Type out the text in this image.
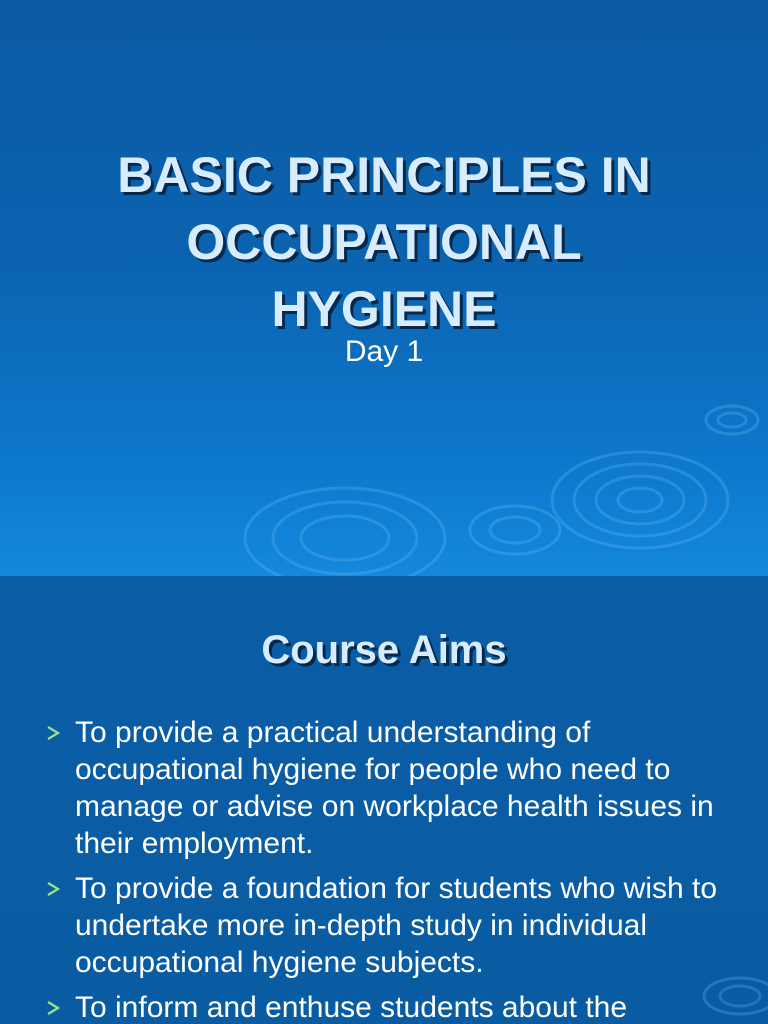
BASIC PRINCIPLES IN
OCCUPATIONAL
HYGIENE
Day 1
Course Aims
To provide a practical understanding of occupational hygiene for people who need to manage or advise on workplace health issues in their employment.
To provide a foundation for students who wish to undertake more in-depth study in individual occupational hygiene subjects.
To inform and enthuse students about the
